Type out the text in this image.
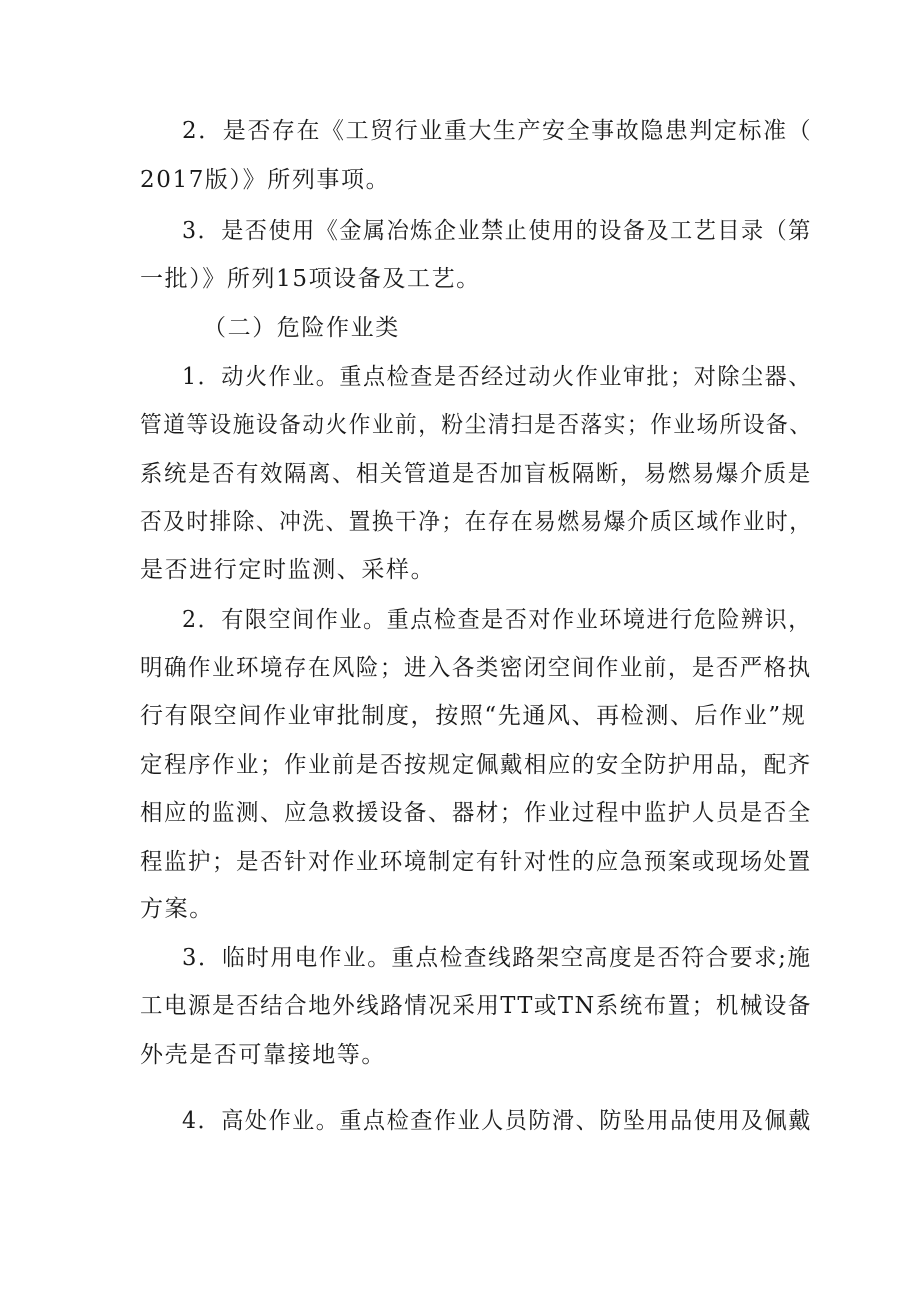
2．是否存在《工贸行业重大生产安全事故隐患判定标准（
2017版）》所列事项。
3．是否使用《金属冶炼企业禁止使用的设备及工艺目录（第
一批）》所列15项设备及工艺。
（二）危险作业类
1．动火作业。重点检查是否经过动火作业审批；对除尘器、
管道等设施设备动火作业前，粉尘清扫是否落实；作业场所设备、
系统是否有效隔离、相关管道是否加盲板隔断，易燃易爆介质是
否及时排除、冲洗、置换干净；在存在易燃易爆介质区域作业时，
是否进行定时监测、采样。
2．有限空间作业。重点检查是否对作业环境进行危险辨识，
明确作业环境存在风险；进入各类密闭空间作业前，是否严格执
行有限空间作业审批制度，按照“先通风、再检测、后作业”规
定程序作业；作业前是否按规定佩戴相应的安全防护用品，配齐
相应的监测、应急救援设备、器材；作业过程中监护人员是否全
程监护；是否针对作业环境制定有针对性的应急预案或现场处置
方案。
3．临时用电作业。重点检查线路架空高度是否符合要求;施
工电源是否结合地外线路情况采用TT或TN系统布置；机械设备
外壳是否可靠接地等。
4．高处作业。重点检查作业人员防滑、防坠用品使用及佩戴
